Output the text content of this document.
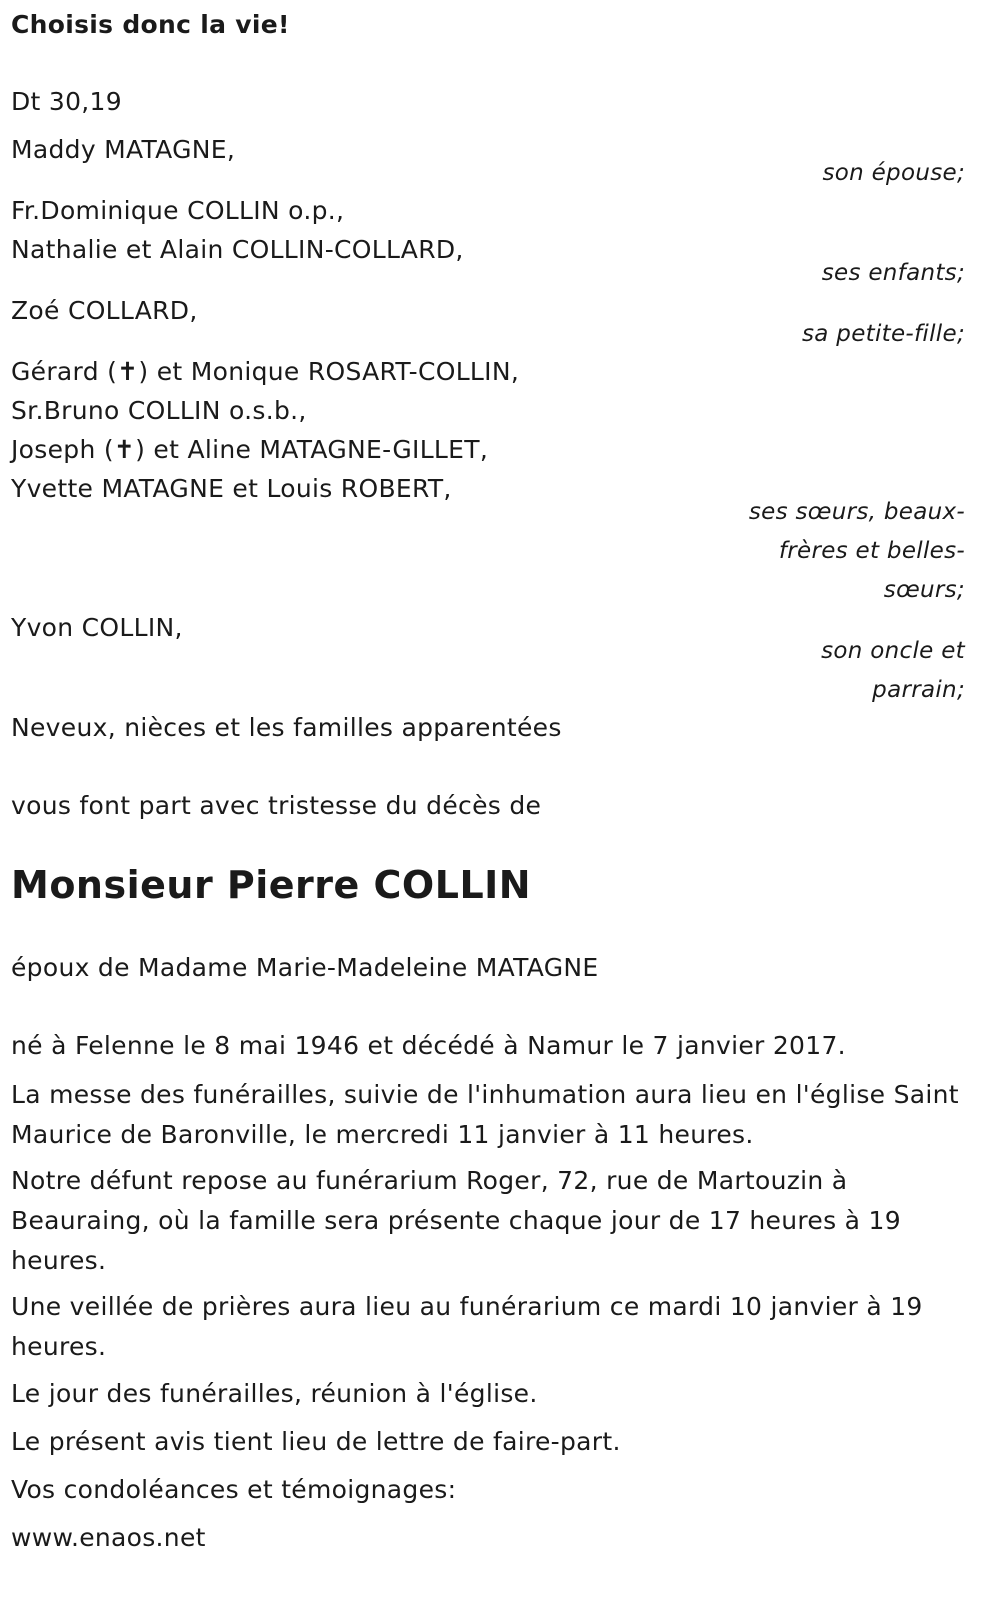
Choisis donc la vie!
Dt 30,19
Maddy MATAGNE,
son épouse;
Fr.Dominique COLLIN o.p.,
Nathalie et Alain COLLIN-COLLARD,
ses enfants;
Zoé COLLARD,
sa petite-fille;
Gérard (✝) et Monique ROSART-COLLIN,
Sr.Bruno COLLIN o.s.b.,
Joseph (✝) et Aline MATAGNE-GILLET,
Yvette MATAGNE et Louis ROBERT,
ses sœurs, beaux-
frères et belles-
sœurs;
Yvon COLLIN,
son oncle et
parrain;
Neveux, nièces et les familles apparentées
vous font part avec tristesse du décès de
Monsieur Pierre COLLIN
époux de Madame Marie-Madeleine MATAGNE
né à Felenne le 8 mai 1946 et décédé à Namur le 7 janvier 2017.
La messe des funérailles, suivie de l'inhumation aura lieu en l'église Saint Maurice de Baronville, le mercredi 11 janvier à 11 heures.
Notre défunt repose au funérarium Roger, 72, rue de Martouzin à Beauraing, où la famille sera présente chaque jour de 17 heures à 19 heures.
Une veillée de prières aura lieu au funérarium ce mardi 10 janvier à 19 heures.
Le jour des funérailles, réunion à l'église.
Le présent avis tient lieu de lettre de faire-part.
Vos condoléances et témoignages:
www.enaos.net
